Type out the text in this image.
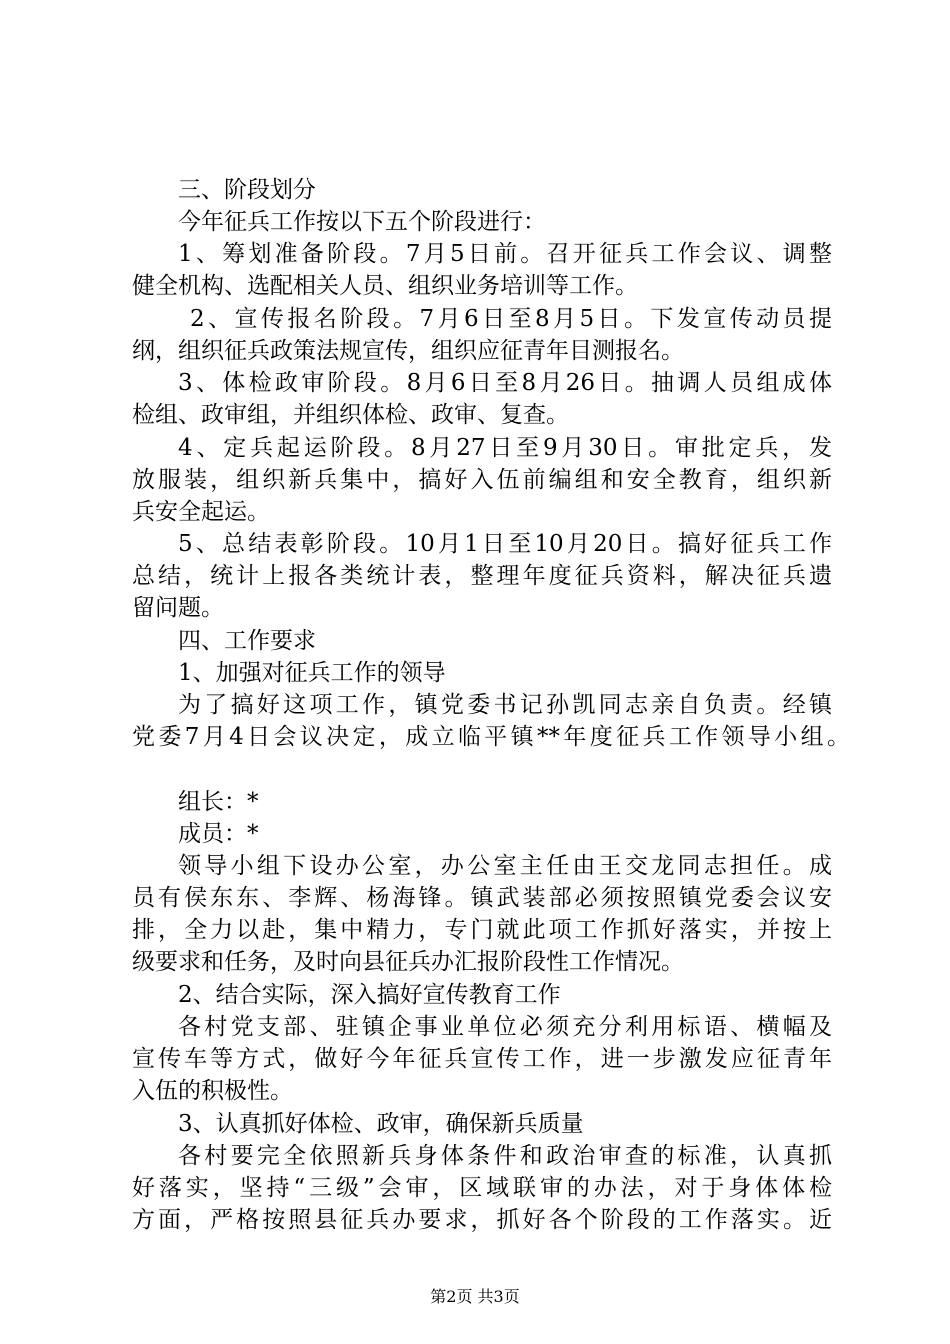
三、阶段划分
今年征兵工作按以下五个阶段进行：
1、筹划准备阶段。7月5日前。召开征兵工作会议、调整
健全机构、选配相关人员、组织业务培训等工作。
2、宣传报名阶段。7月6日至8月5日。下发宣传动员提
纲，组织征兵政策法规宣传，组织应征青年目测报名。
3、体检政审阶段。8月6日至8月26日。抽调人员组成体
检组、政审组，并组织体检、政审、复查。
4、定兵起运阶段。8月27日至9月30日。审批定兵，发
放服装，组织新兵集中，搞好入伍前编组和安全教育，组织新
兵安全起运。
5、总结表彰阶段。10月1日至10月20日。搞好征兵工作
总结，统计上报各类统计表，整理年度征兵资料，解决征兵遗
留问题。
四、工作要求
1、加强对征兵工作的领导
为了搞好这项工作，镇党委书记孙凯同志亲自负责。经镇
党委7月4日会议决定，成立临平镇**年度征兵工作领导小组。
组长：*
成员：*
领导小组下设办公室，办公室主任由王交龙同志担任。成
员有侯东东、李辉、杨海锋。镇武装部必须按照镇党委会议安
排，全力以赴，集中精力，专门就此项工作抓好落实，并按上
级要求和任务，及时向县征兵办汇报阶段性工作情况。
2、结合实际，深入搞好宣传教育工作
各村党支部、驻镇企事业单位必须充分利用标语、横幅及
宣传车等方式，做好今年征兵宣传工作，进一步激发应征青年
入伍的积极性。
3、认真抓好体检、政审，确保新兵质量
各村要完全依照新兵身体条件和政治审查的标准，认真抓
好落实，坚持“三级”会审，区域联审的办法，对于身体体检
方面，严格按照县征兵办要求，抓好各个阶段的工作落实。近
第2页 共3页
